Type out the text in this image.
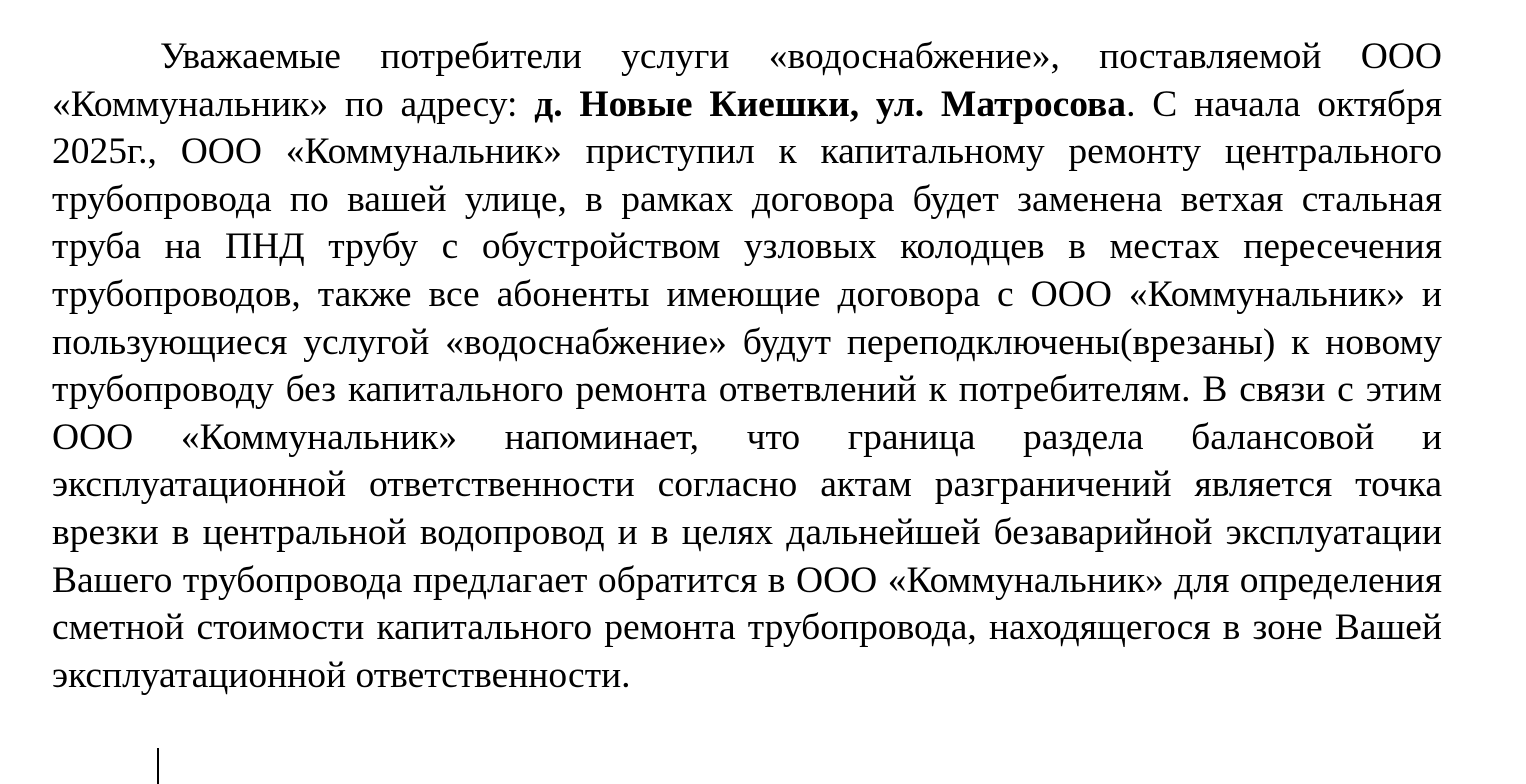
Уважаемые потребители услуги «водоснабжение», поставляемой ООО «Коммунальник» по адресу: д. Новые Киешки, ул. Матросова. С начала октября 2025г., ООО «Коммунальник» приступил к капитальному ремонту центрального трубопровода по вашей улице, в рамках договора будет заменена ветхая стальная труба на ПНД трубу с обустройством узловых колодцев в местах пересечения трубопроводов, также все абоненты имеющие договора с ООО «Коммунальник» и пользующиеся услугой «водоснабжение» будут переподключены(врезаны) к новому трубопроводу без капитального ремонта ответвлений к потребителям. В связи с этим ООО «Коммунальник» напоминает, что граница раздела балансовой и эксплуатационной ответственности согласно актам разграничений является точка врезки в центральной водопровод и в целях дальнейшей безаварийной эксплуатации Вашего трубопровода предлагает обратится в ООО «Коммунальник» для определения сметной стоимости капитального ремонта трубопровода, находящегося в зоне Вашей эксплуатационной ответственности.
